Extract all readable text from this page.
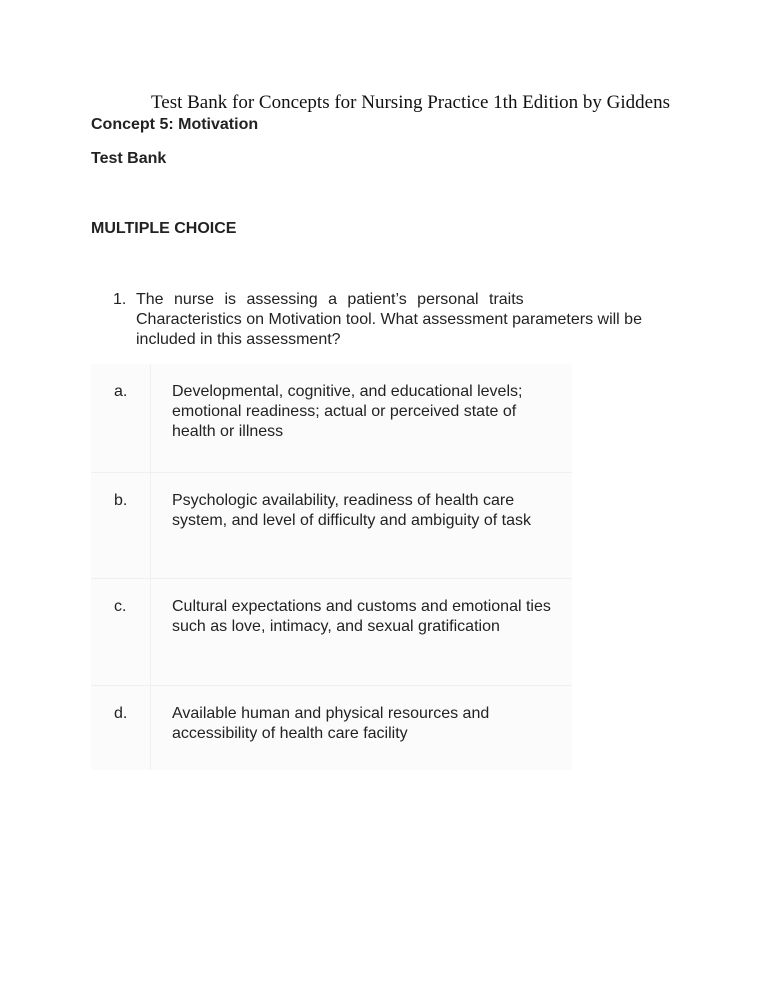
Test Bank for Concepts for Nursing Practice 1th Edition by Giddens
Concept 5: Motivation
Test Bank
MULTIPLE CHOICE
1. The nurse is assessing a patient’s personal traits
Characteristics on Motivation tool. What assessment parameters will be included in this assessment?
a.	Developmental, cognitive, and educational levels; emotional readiness; actual or perceived state of health or illness
b.	Psychologic availability, readiness of health care system, and level of difficulty and ambiguity of task
c.	Cultural expectations and customs and emotional ties such as love, intimacy, and sexual gratification
d.	Available human and physical resources and accessibility of health care facility
